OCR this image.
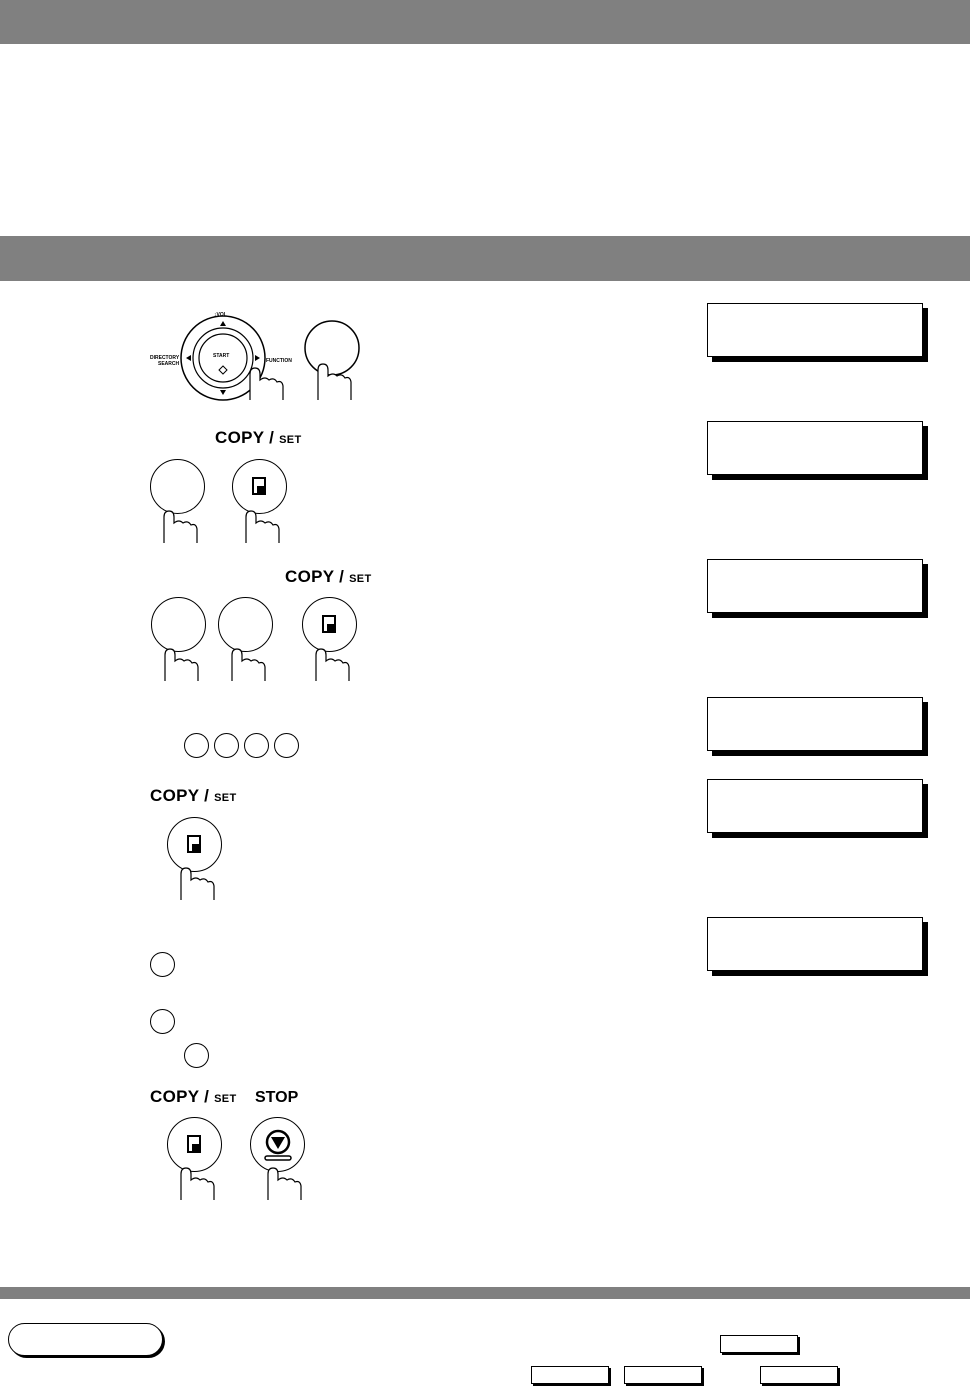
↕VOL
START
FUNCTION
DIRECTORY
SEARCH
COPY / SET
COPY / SET
COPY / SET
COPY / SET STOP
